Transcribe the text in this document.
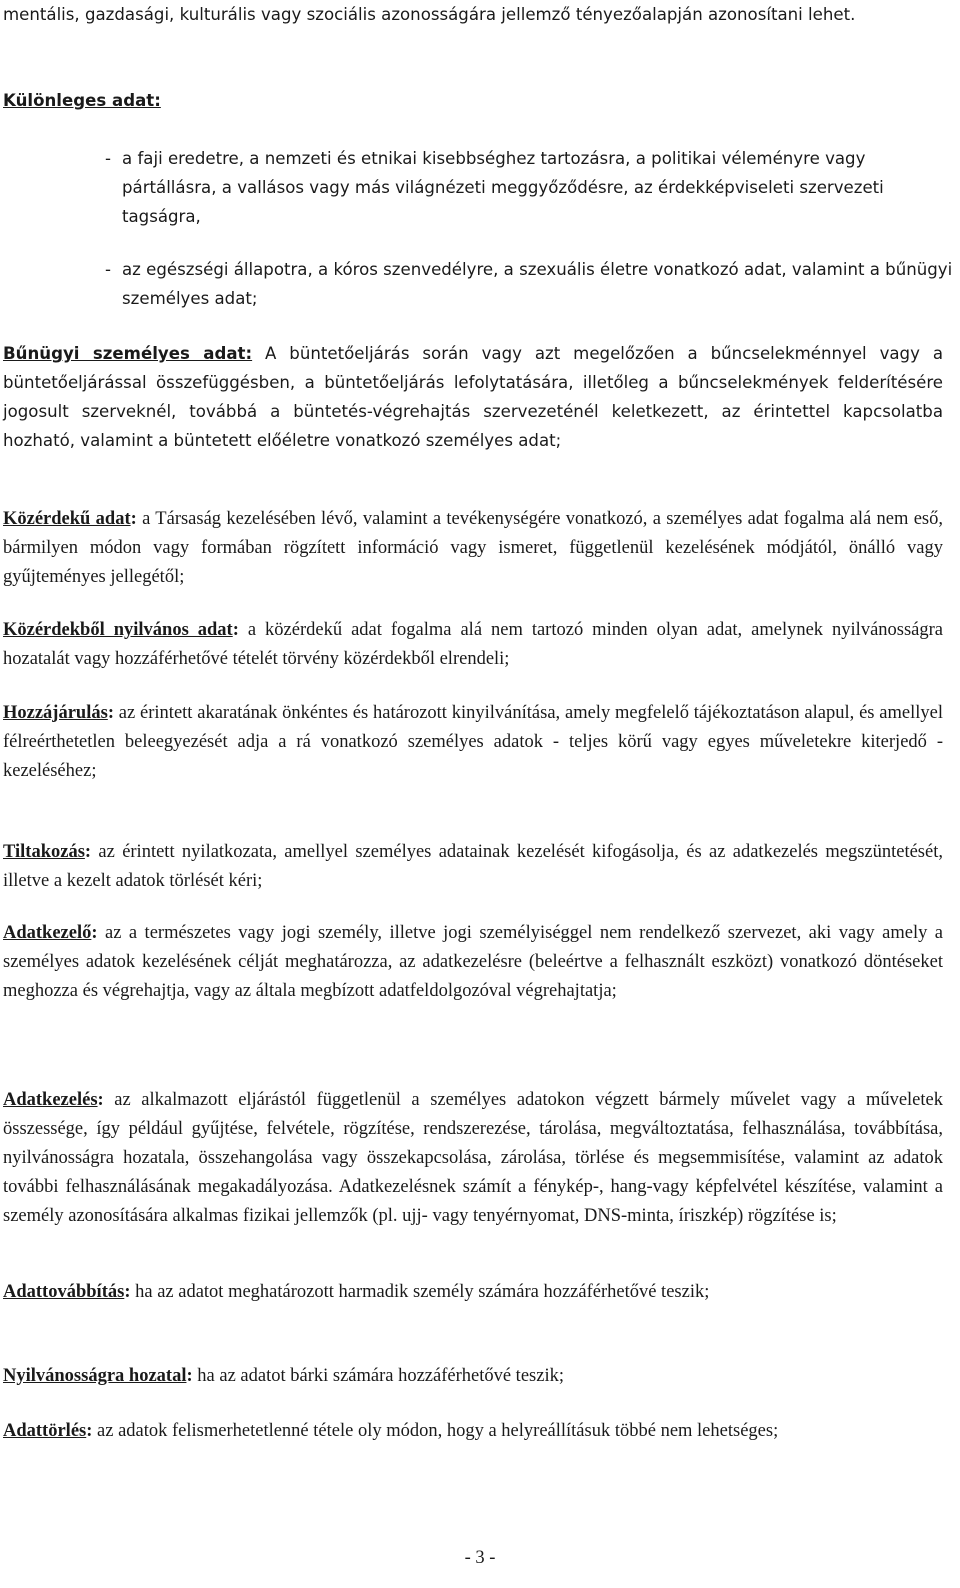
mentális, gazdasági, kulturális vagy szociális azonosságára jellemző tényezőalapján azonosítani lehet.
Különleges adat:
- a faji eredetre, a nemzeti és etnikai kisebbséghez tartozásra, a politikai véleményre vagy pártállásra, a vallásos vagy más világnézeti meggyőződésre, az érdekképviseleti szervezeti tagságra,
- az egészségi állapotra, a kóros szenvedélyre, a szexuális életre vonatkozó adat, valamint a bűnügyi személyes adat;
Bűnügyi személyes adat: A büntetőeljárás során vagy azt megelőzően a bűncselekménnyel vagy a büntetőeljárással összefüggésben, a büntetőeljárás lefolytatására, illetőleg a bűncselekmények felderítésére jogosult szerveknél, továbbá a büntetés-végrehajtás szervezeténél keletkezett, az érintettel kapcsolatba hozható, valamint a büntetett előéletre vonatkozó személyes adat;
Közérdekű adat: a Társaság kezelésében lévő, valamint a tevékenységére vonatkozó, a személyes adat fogalma alá nem eső, bármilyen módon vagy formában rögzített információ vagy ismeret, függetlenül kezelésének módjától, önálló vagy gyűjteményes jellegétől;
Közérdekből nyilvános adat: a közérdekű adat fogalma alá nem tartozó minden olyan adat, amelynek nyilvánosságra hozatalát vagy hozzáférhetővé tételét törvény közérdekből elrendeli;
Hozzájárulás: az érintett akaratának önkéntes és határozott kinyilvánítása, amely megfelelő tájékoztatáson alapul, és amellyel félreérthetetlen beleegyezését adja a rá vonatkozó személyes adatok - teljes körű vagy egyes műveletekre kiterjedő - kezeléséhez;
Tiltakozás: az érintett nyilatkozata, amellyel személyes adatainak kezelését kifogásolja, és az adatkezelés megszüntetését, illetve a kezelt adatok törlését kéri;
Adatkezelő: az a természetes vagy jogi személy, illetve jogi személyiséggel nem rendelkező szervezet, aki vagy amely a személyes adatok kezelésének célját meghatározza, az adatkezelésre (beleértve a felhasznált eszközt) vonatkozó döntéseket meghozza és végrehajtja, vagy az általa megbízott adatfeldolgozóval végrehajtatja;
Adatkezelés: az alkalmazott eljárástól függetlenül a személyes adatokon végzett bármely művelet vagy a műveletek összessége, így például gyűjtése, felvétele, rögzítése, rendszerezése, tárolása, megváltoztatása, felhasználása, továbbítása, nyilvánosságra hozatala, összehangolása vagy összekapcsolása, zárolása, törlése és megsemmisítése, valamint az adatok további felhasználásának megakadályozása. Adatkezelésnek számít a fénykép-, hang-vagy képfelvétel készítése, valamint a személy azonosítására alkalmas fizikai jellemzők (pl. ujj- vagy tenyérnyomat, DNS-minta, íriszkép) rögzítése is;
Adattovábbítás: ha az adatot meghatározott harmadik személy számára hozzáférhetővé teszik;
Nyilvánosságra hozatal: ha az adatot bárki számára hozzáférhetővé teszik;
Adattörlés: az adatok felismerhetetlenné tétele oly módon, hogy a helyreállításuk többé nem lehetséges;
- 3 -
